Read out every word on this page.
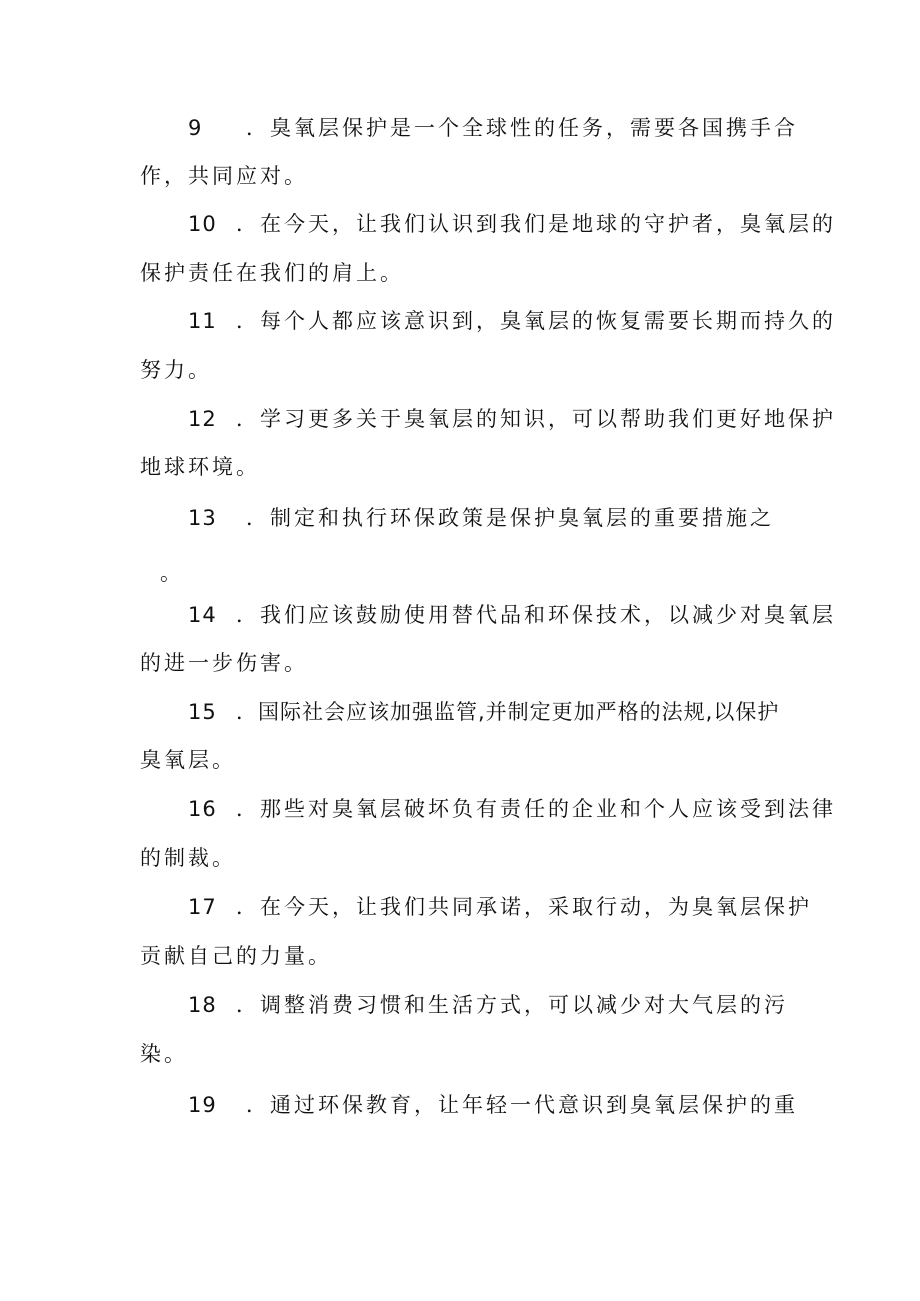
9 ．臭氧层保护是一个全球性的任务，需要各国携手合
作，共同应对。
10 ．在今天，让我们认识到我们是地球的守护者，臭氧层的
保护责任在我们的肩上。
11 ．每个人都应该意识到，臭氧层的恢复需要长期而持久的
努力。
12 ．学习更多关于臭氧层的知识，可以帮助我们更好地保护
地球环境。
13 ．制定和执行环保政策是保护臭氧层的重要措施之
。
14 ．我们应该鼓励使用替代品和环保技术，以减少对臭氧层
的进一步伤害。
15 ．国际社会应该加强监管,并制定更加严格的法规,以保护
臭氧层。
16 ．那些对臭氧层破坏负有责任的企业和个人应该受到法律
的制裁。
17 ．在今天，让我们共同承诺，采取行动，为臭氧层保护
贡献自己的力量。
18 ．调整消费习惯和生活方式，可以减少对大气层的污
染。
19 ．通过环保教育，让年轻一代意识到臭氧层保护的重
